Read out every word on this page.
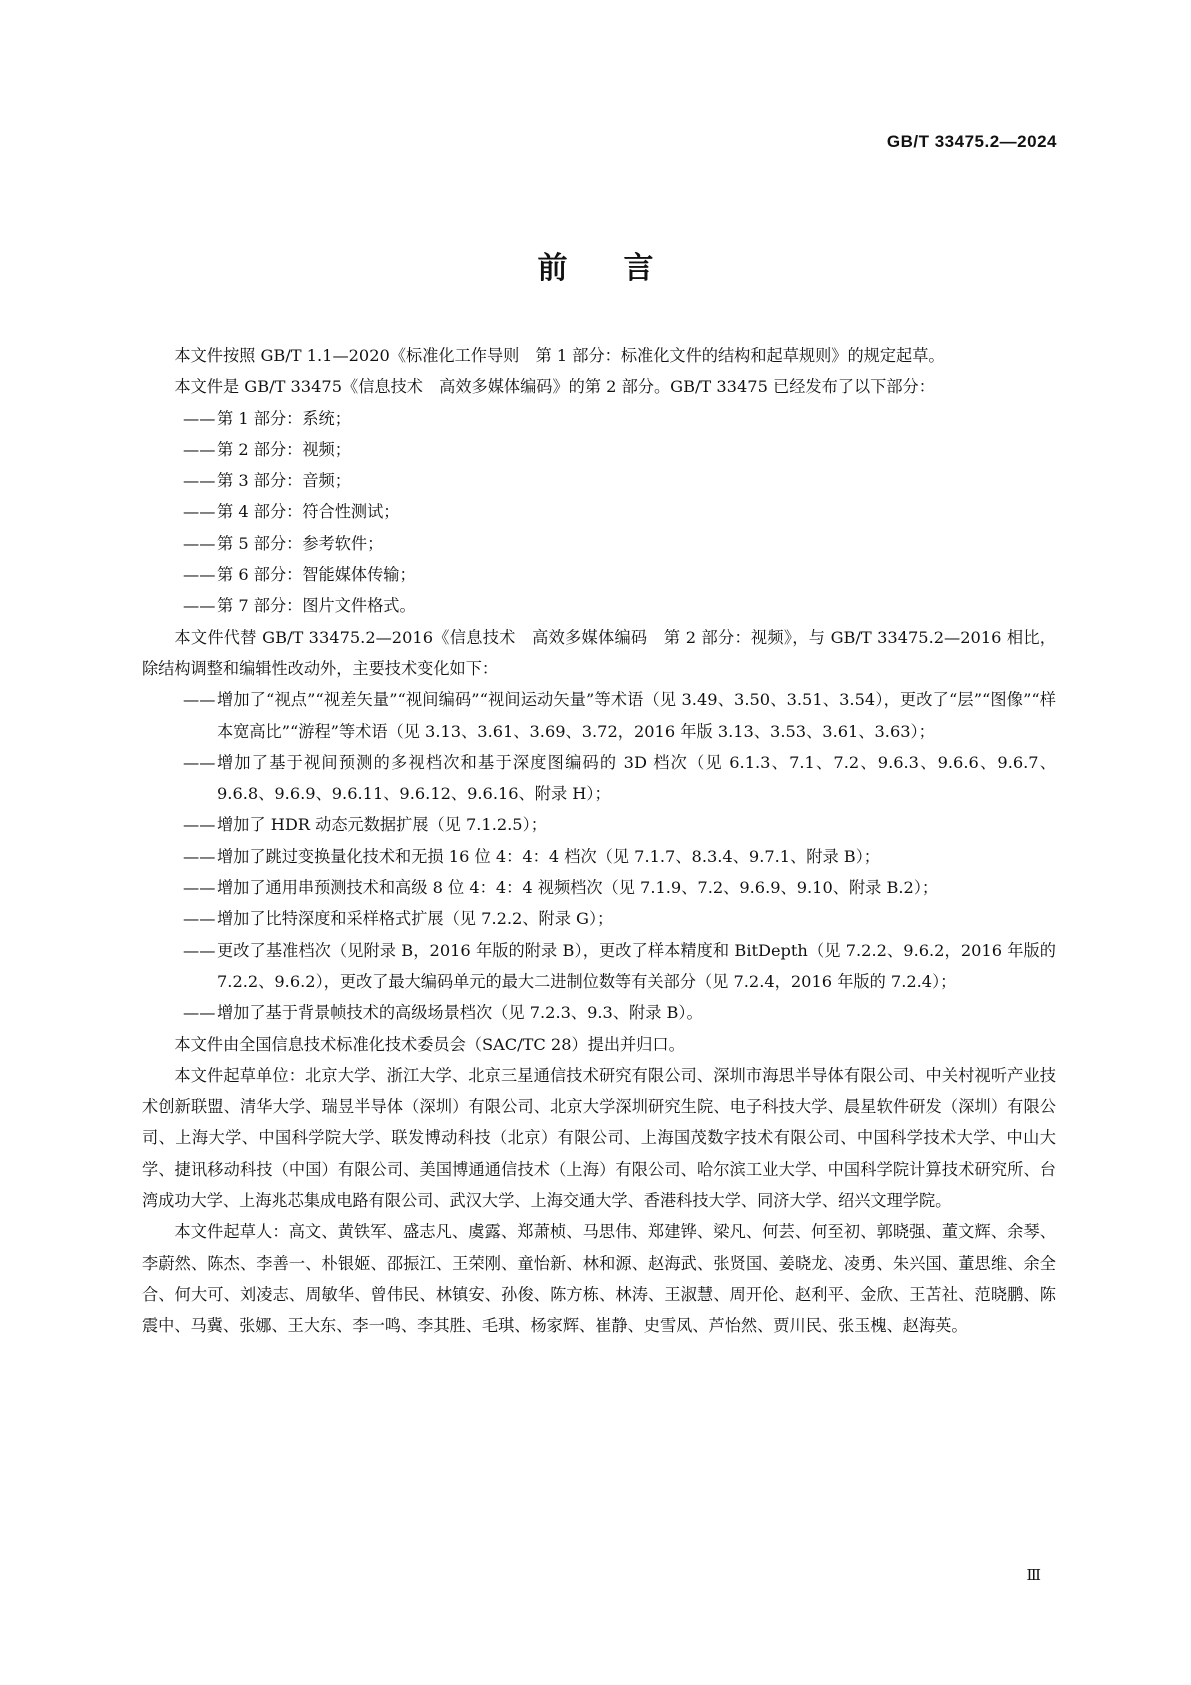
GB/T 33475.2—2024
前言

本文件按照 GB/T 1.1—2020《标准化工作导则　第 1 部分：标准化文件的结构和起草规则》的规定起草。

本文件是 GB/T 33475《信息技术　高效多媒体编码》的第 2 部分。GB/T 33475 已经发布了以下部分：

—— 第 1 部分：系统；

—— 第 2 部分：视频；

—— 第 3 部分：音频；

—— 第 4 部分：符合性测试；

—— 第 5 部分：参考软件；

—— 第 6 部分：智能媒体传输；

—— 第 7 部分：图片文件格式。

本文件代替 GB/T 33475.2—2016《信息技术　高效多媒体编码　第 2 部分：视频》，与 GB/T 33475.2—2016 相比，除结构调整和编辑性改动外，主要技术变化如下：

—— 增加了“视点”“视差矢量”“视间编码”“视间运动矢量”等术语（见 3.49、3.50、3.51、3.54），更改了“层”“图像”“样本宽高比”“游程”等术语（见 3.13、3.61、3.69、3.72，2016 年版 3.13、3.53、3.61、3.63）；

—— 增加了基于视间预测的多视档次和基于深度图编码的 3D 档次（见 6.1.3、7.1、7.2、9.6.3、9.6.6、9.6.7、9.6.8、9.6.9、9.6.11、9.6.12、9.6.16、附录 H）；

—— 增加了 HDR 动态元数据扩展（见 7.1.2.5）；

—— 增加了跳过变换量化技术和无损 16 位 4：4：4 档次（见 7.1.7、8.3.4、9.7.1、附录 B）；

—— 增加了通用串预测技术和高级 8 位 4：4：4 视频档次（见 7.1.9、7.2、9.6.9、9.10、附录 B.2）；

—— 增加了比特深度和采样格式扩展（见 7.2.2、附录 G）；

—— 更改了基准档次（见附录 B，2016 年版的附录 B），更改了样本精度和 BitDepth（见 7.2.2、9.6.2，2016 年版的 7.2.2、9.6.2），更改了最大编码单元的最大二进制位数等有关部分（见 7.2.4，2016 年版的 7.2.4）；

—— 增加了基于背景帧技术的高级场景档次（见 7.2.3、9.3、附录 B）。

本文件由全国信息技术标准化技术委员会（SAC/TC 28）提出并归口。

本文件起草单位：北京大学、浙江大学、北京三星通信技术研究有限公司、深圳市海思半导体有限公司、中关村视听产业技术创新联盟、清华大学、瑞昱半导体（深圳）有限公司、北京大学深圳研究生院、电子科技大学、晨星软件研发（深圳）有限公司、上海大学、中国科学院大学、联发博动科技（北京）有限公司、上海国茂数字技术有限公司、中国科学技术大学、中山大学、捷讯移动科技（中国）有限公司、美国博通通信技术（上海）有限公司、哈尔滨工业大学、中国科学院计算技术研究所、台湾成功大学、上海兆芯集成电路有限公司、武汉大学、上海交通大学、香港科技大学、同济大学、绍兴文理学院。

本文件起草人：高文、黄铁军、盛志凡、虞露、郑萧桢、马思伟、郑建铧、梁凡、何芸、何至初、郭晓强、董文辉、余琴、李蔚然、陈杰、李善一、朴银姬、邵振江、王荣刚、童怡新、林和源、赵海武、张贤国、姜晓龙、凌勇、朱兴国、董思维、余全合、何大可、刘凌志、周敏华、曾伟民、林镇安、孙俊、陈方栋、林涛、王淑慧、周开伦、赵利平、金欣、王苫社、范晓鹏、陈震中、马冀、张娜、王大东、李一鸣、李其胜、毛琪、杨家辉、崔静、史雪凤、芦怡然、贾川民、张玉槐、赵海英。

Ⅲ
